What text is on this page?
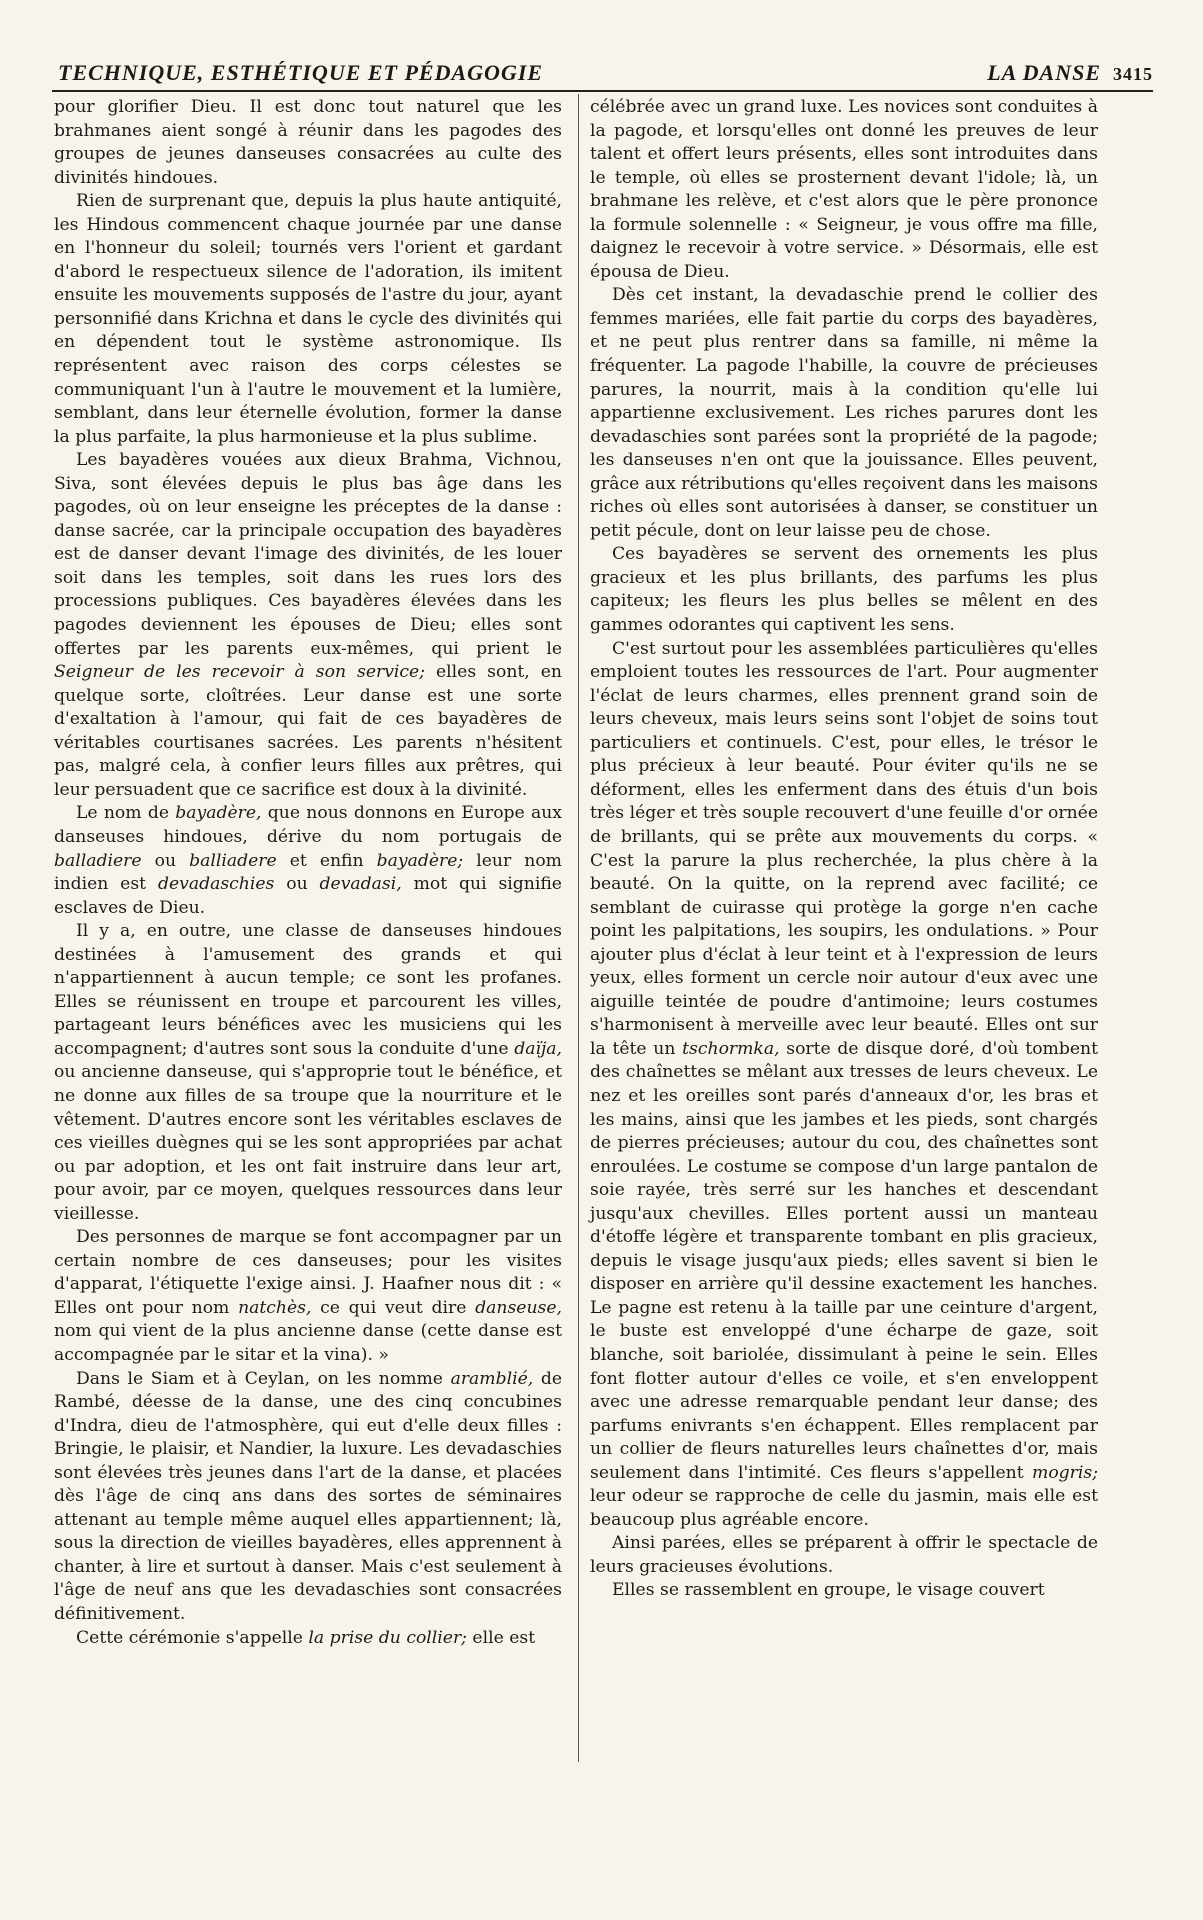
TECHNIQUE, ESTHÉTIQUE ET PÉDAGOGIE	LA DANSE 3415

pour glorifier Dieu. Il est donc tout naturel que les brahmanes aient songé à réunir dans les pagodes des groupes de jeunes danseuses consacrées au culte des divinités hindoues.

Rien de surprenant que, depuis la plus haute antiquité, les Hindous commencent chaque journée par une danse en l'honneur du soleil; tournés vers l'orient et gardant d'abord le respectueux silence de l'adoration, ils imitent ensuite les mouvements supposés de l'astre du jour, ayant personnifié dans Krichna et dans le cycle des divinités qui en dépendent tout le système astronomique. Ils représentent avec raison des corps célestes se communiquant l'un à l'autre le mouvement et la lumière, semblant, dans leur éternelle évolution, former la danse la plus parfaite, la plus harmonieuse et la plus sublime.

Les bayadères vouées aux dieux Brahma, Vichnou, Siva, sont élevées depuis le plus bas âge dans les pagodes, où on leur enseigne les préceptes de la danse : danse sacrée, car la principale occupation des bayadères est de danser devant l'image des divinités, de les louer soit dans les temples, soit dans les rues lors des processions publiques. Ces bayadères élevées dans les pagodes deviennent les épouses de Dieu; elles sont offertes par les parents eux-mêmes, qui prient le Seigneur de les recevoir à son service; elles sont, en quelque sorte, cloîtrées. Leur danse est une sorte d'exaltation à l'amour, qui fait de ces bayadères de véritables courtisanes sacrées. Les parents n'hésitent pas, malgré cela, à confier leurs filles aux prêtres, qui leur persuadent que ce sacrifice est doux à la divinité.

Le nom de bayadère, que nous donnons en Europe aux danseuses hindoues, dérive du nom portugais de balladiere ou balliadere et enfin bayadère; leur nom indien est devadaschies ou devadasi, mot qui signifie esclaves de Dieu.

Il y a, en outre, une classe de danseuses hindoues destinées à l'amusement des grands et qui n'appartiennent à aucun temple; ce sont les profanes. Elles se réunissent en troupe et parcourent les villes, partageant leurs bénéfices avec les musiciens qui les accompagnent; d'autres sont sous la conduite d'une daïja, ou ancienne danseuse, qui s'approprie tout le bénéfice, et ne donne aux filles de sa troupe que la nourriture et le vêtement. D'autres encore sont les véritables esclaves de ces vieilles duègnes qui se les sont appropriées par achat ou par adoption, et les ont fait instruire dans leur art, pour avoir, par ce moyen, quelques ressources dans leur vieillesse.

Des personnes de marque se font accompagner par un certain nombre de ces danseuses; pour les visites d'apparat, l'étiquette l'exige ainsi. J. Haafner nous dit : « Elles ont pour nom natchès, ce qui veut dire danseuse, nom qui vient de la plus ancienne danse (cette danse est accompagnée par le sitar et la vina). »

Dans le Siam et à Ceylan, on les nomme aramblié, de Rambé, déesse de la danse, une des cinq concubines d'Indra, dieu de l'atmosphère, qui eut d'elle deux filles : Bringie, le plaisir, et Nandier, la luxure. Les devadaschies sont élevées très jeunes dans l'art de la danse, et placées dès l'âge de cinq ans dans des sortes de séminaires attenant au temple même auquel elles appartiennent; là, sous la direction de vieilles bayadères, elles apprennent à chanter, à lire et surtout à danser. Mais c'est seulement à l'âge de neuf ans que les devadaschies sont consacrées définitivement.

Cette cérémonie s'appelle la prise du collier; elle est

célébrée avec un grand luxe. Les novices sont conduites à la pagode, et lorsqu'elles ont donné les preuves de leur talent et offert leurs présents, elles sont introduites dans le temple, où elles se prosternent devant l'idole; là, un brahmane les relève, et c'est alors que le père prononce la formule solennelle : « Seigneur, je vous offre ma fille, daignez le recevoir à votre service. » Désormais, elle est épousa de Dieu.

Dès cet instant, la devadaschie prend le collier des femmes mariées, elle fait partie du corps des bayadères, et ne peut plus rentrer dans sa famille, ni même la fréquenter. La pagode l'habille, la couvre de précieuses parures, la nourrit, mais à la condition qu'elle lui appartienne exclusivement. Les riches parures dont les devadaschies sont parées sont la propriété de la pagode; les danseuses n'en ont que la jouissance. Elles peuvent, grâce aux rétributions qu'elles reçoivent dans les maisons riches où elles sont autorisées à danser, se constituer un petit pécule, dont on leur laisse peu de chose.

Ces bayadères se servent des ornements les plus gracieux et les plus brillants, des parfums les plus capiteux; les fleurs les plus belles se mêlent en des gammes odorantes qui captivent les sens.

C'est surtout pour les assemblées particulières qu'elles emploient toutes les ressources de l'art. Pour augmenter l'éclat de leurs charmes, elles prennent grand soin de leurs cheveux, mais leurs seins sont l'objet de soins tout particuliers et continuels. C'est, pour elles, le trésor le plus précieux à leur beauté. Pour éviter qu'ils ne se déforment, elles les enferment dans des étuis d'un bois très léger et très souple recouvert d'une feuille d'or ornée de brillants, qui se prête aux mouvements du corps. « C'est la parure la plus recherchée, la plus chère à la beauté. On la quitte, on la reprend avec facilité; ce semblant de cuirasse qui protège la gorge n'en cache point les palpitations, les soupirs, les ondulations. » Pour ajouter plus d'éclat à leur teint et à l'expression de leurs yeux, elles forment un cercle noir autour d'eux avec une aiguille teintée de poudre d'antimoine; leurs costumes s'harmonisent à merveille avec leur beauté. Elles ont sur la tête un tschormka, sorte de disque doré, d'où tombent des chaînettes se mêlant aux tresses de leurs cheveux. Le nez et les oreilles sont parés d'anneaux d'or, les bras et les mains, ainsi que les jambes et les pieds, sont chargés de pierres précieuses; autour du cou, des chaînettes sont enroulées. Le costume se compose d'un large pantalon de soie rayée, très serré sur les hanches et descendant jusqu'aux chevilles. Elles portent aussi un manteau d'étoffe légère et transparente tombant en plis gracieux, depuis le visage jusqu'aux pieds; elles savent si bien le disposer en arrière qu'il dessine exactement les hanches. Le pagne est retenu à la taille par une ceinture d'argent, le buste est enveloppé d'une écharpe de gaze, soit blanche, soit bariolée, dissimulant à peine le sein. Elles font flotter autour d'elles ce voile, et s'en enveloppent avec une adresse remarquable pendant leur danse; des parfums enivrants s'en échappent. Elles remplacent par un collier de fleurs naturelles leurs chaînettes d'or, mais seulement dans l'intimité. Ces fleurs s'appellent mogris; leur odeur se rapproche de celle du jasmin, mais elle est beaucoup plus agréable encore.

Ainsi parées, elles se préparent à offrir le spectacle de leurs gracieuses évolutions.

Elles se rassemblent en groupe, le visage couvert
